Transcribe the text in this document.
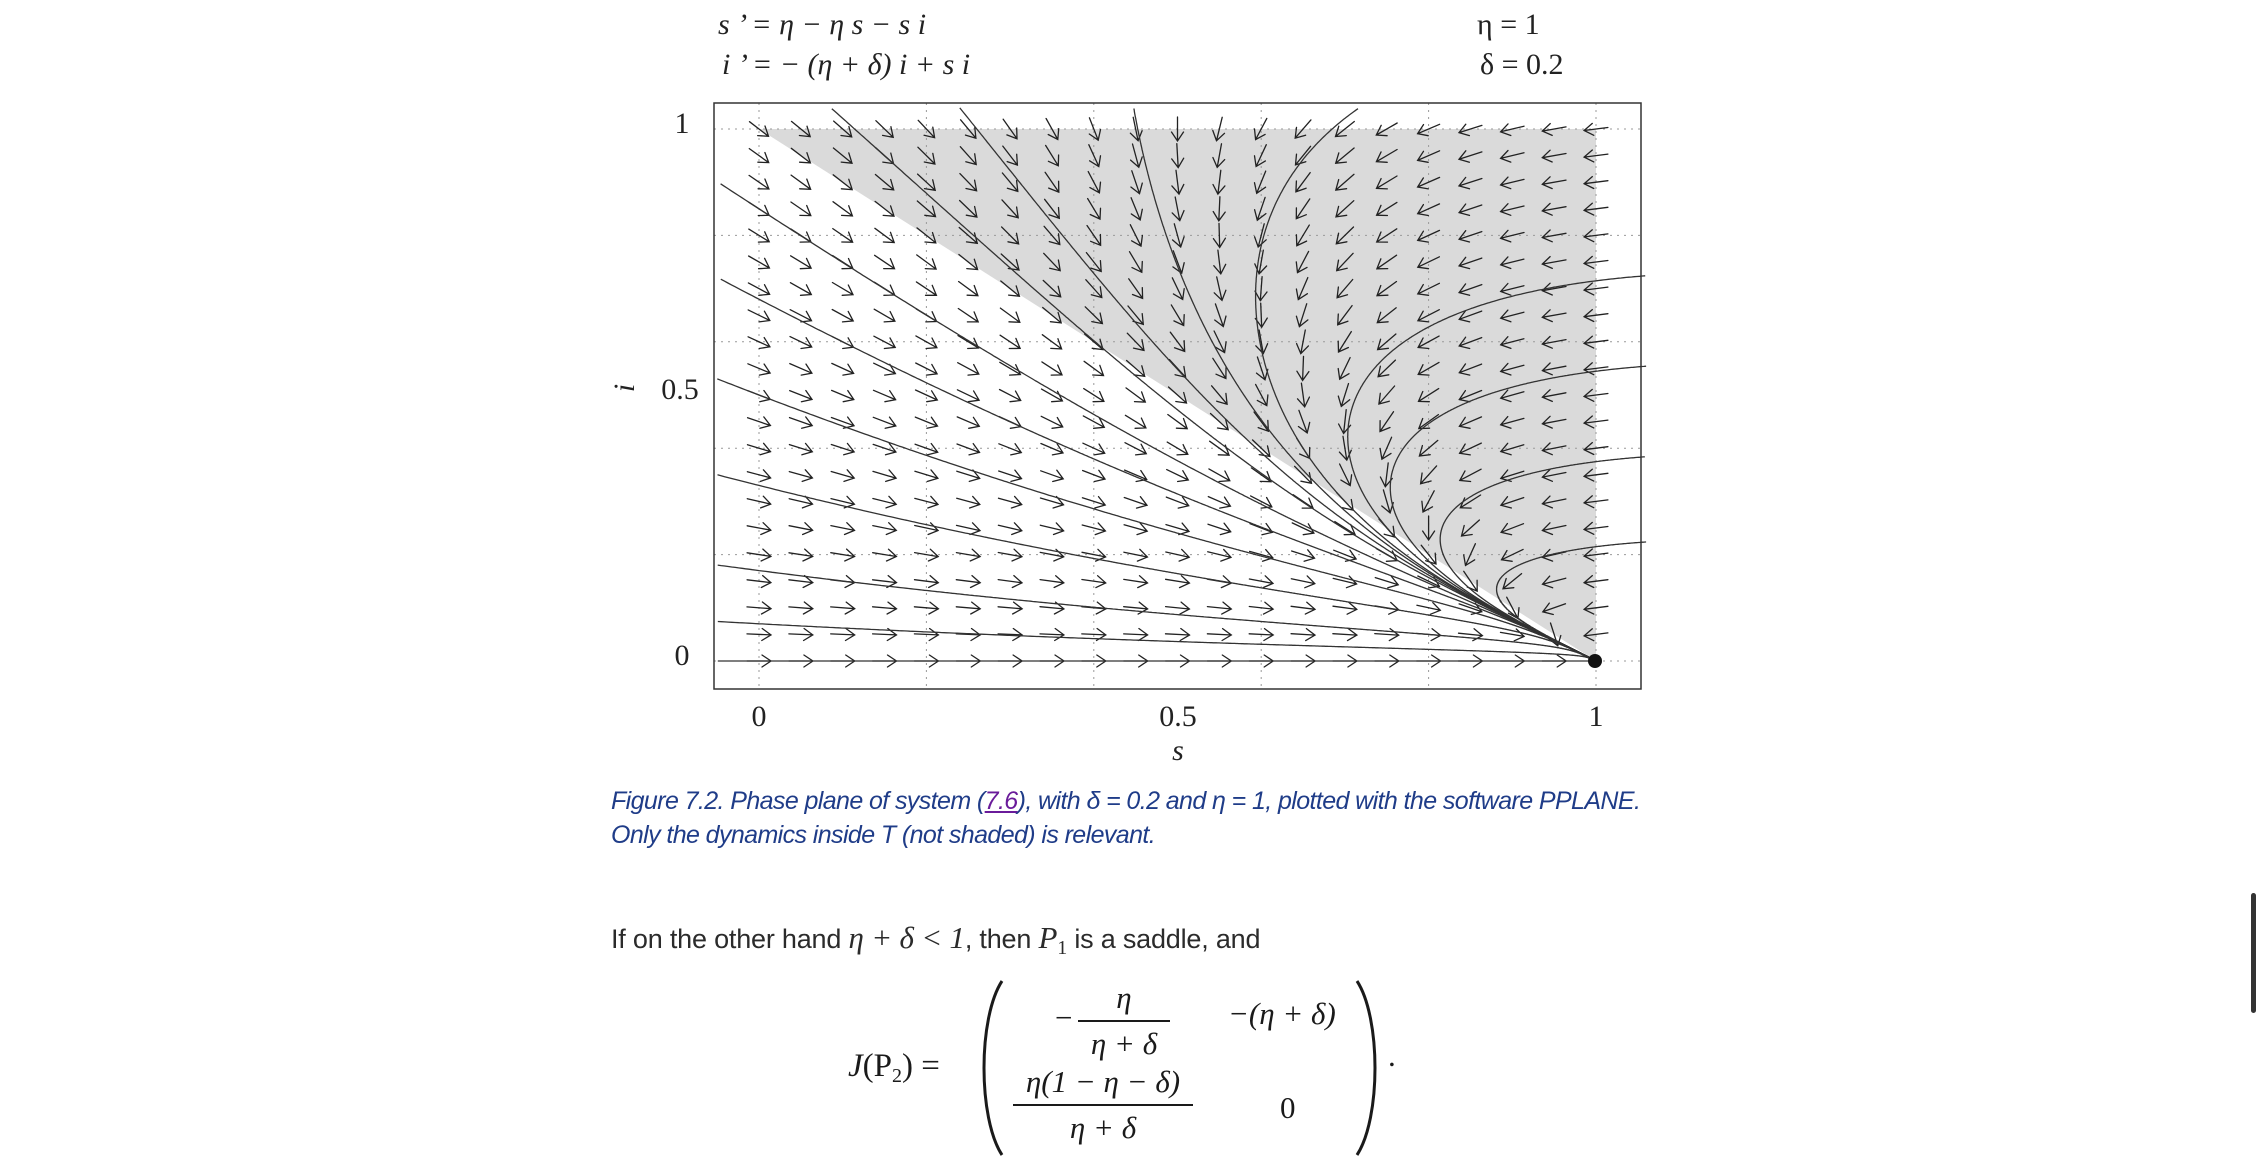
s ’ = η − η s − s i
i ’ = − (η + δ) i + s i
η = 1
δ = 0.2
1
0.5
0
0	0.5	1
s
i
Figure 7.2. Phase plane of system (7.6), with δ = 0.2 and η = 1, plotted with the software PPLANE.
Only the dynamics inside T (not shaded) is relevant.
If on the other hand η + δ < 1, then $P_1$ is a saddle, and
$J(P_2)$ =
−
η
η + δ
−(η + δ)
η(1 − η − δ)
η + δ
0
.
